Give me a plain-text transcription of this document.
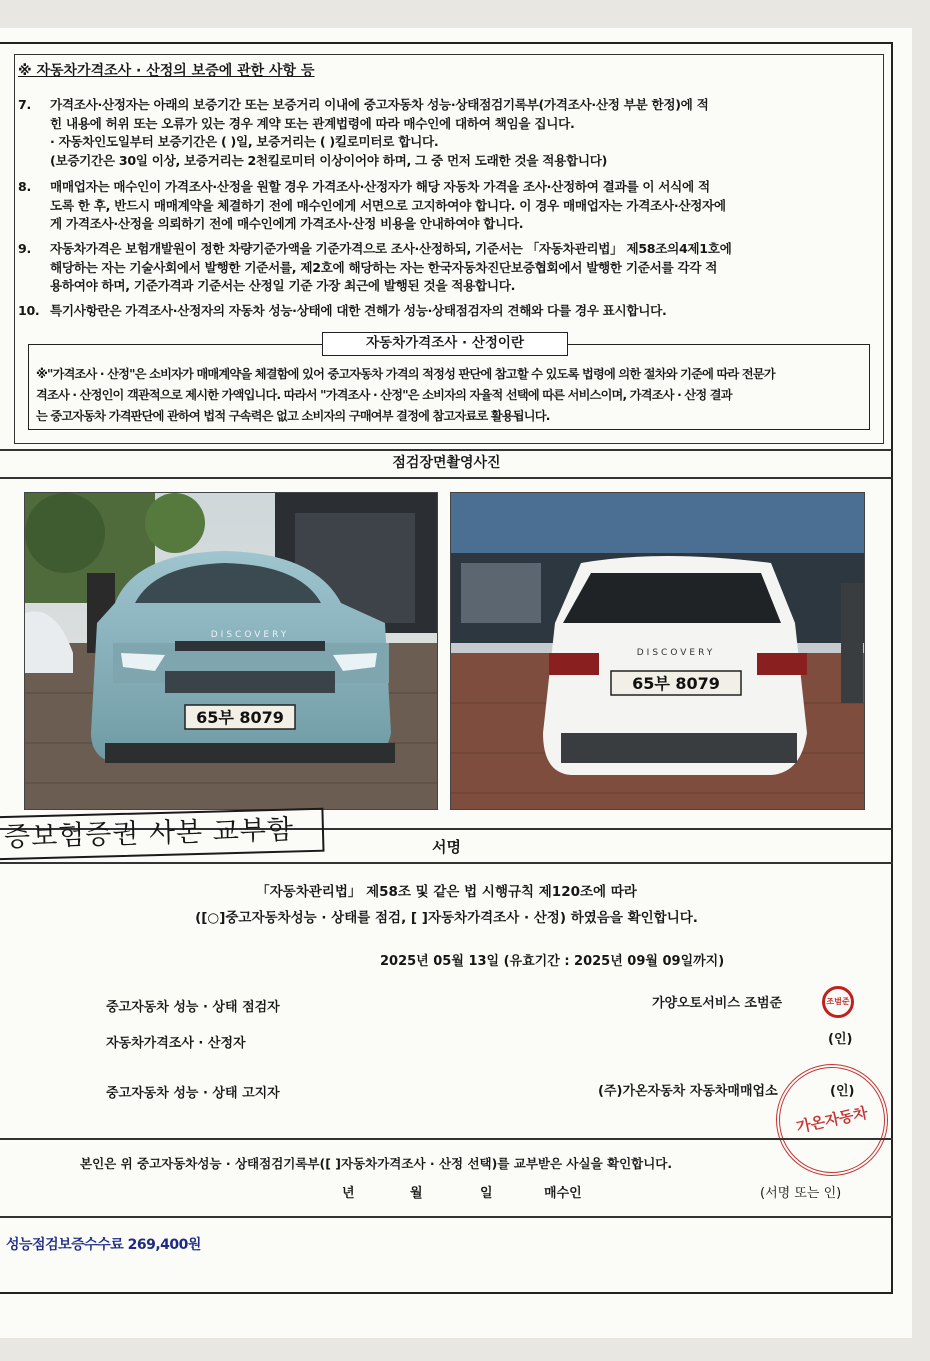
※ 자동차가격조사 · 산정의 보증에 관한 사항 등
7.	가격조사·산정자는 아래의 보증기간 또는 보증거리 이내에 중고자동차 성능·상태점검기록부(가격조사·산정 부분 한정)에 적
힌 내용에 허위 또는 오류가 있는 경우 계약 또는 관계법령에 따라 매수인에 대하여 책임을 집니다.
· 자동차인도일부터 보증기간은 ( )일, 보증거리는 ( )킬로미터로 합니다.
(보증기간은 30일 이상, 보증거리는 2천킬로미터 이상이어야 하며, 그 중 먼저 도래한 것을 적용합니다)
8.	매매업자는 매수인이 가격조사·산정을 원할 경우 가격조사·산정자가 해당 자동차 가격을 조사·산정하여 결과를 이 서식에 적
도록 한 후, 반드시 매매계약을 체결하기 전에 매수인에게 서면으로 고지하여야 합니다. 이 경우 매매업자는 가격조사·산정자에
게 가격조사·산정을 의뢰하기 전에 매수인에게 가격조사·산정 비용을 안내하여야 합니다.
9.	자동차가격은 보험개발원이 정한 차량기준가액을 기준가격으로 조사·산정하되, 기준서는 「자동차관리법」 제58조의4제1호에
해당하는 자는 기술사회에서 발행한 기준서를, 제2호에 해당하는 자는 한국자동차진단보증협회에서 발행한 기준서를 각각 적
용하여야 하며, 기준가격과 기준서는 산정일 기준 가장 최근에 발행된 것을 적용합니다.
10. 특기사항란은 가격조사·산정자의 자동차 성능·상태에 대한 견해가 성능·상태점검자의 견해와 다를 경우 표시합니다.
자동차가격조사 · 산정이란
※"가격조사 · 산정"은 소비자가 매매계약을 체결함에 있어 중고자동차 가격의 적정성 판단에 참고할 수 있도록 법령에 의한 절차와 기준에 따라 전문가
격조사 · 산정인이 객관적으로 제시한 가액입니다. 따라서 "가격조사 · 산정"은 소비자의 자율적 선택에 따른 서비스이며, 가격조사 · 산정 결과
는 중고자동차 가격판단에 관하여 법적 구속력은 없고 소비자의 구매여부 결정에 참고자료로 활용됩니다.
점검장면촬영사진
65부 8079
DISCOVERY
65부 8079
DISCOVERY
증보험증권 사본 교부함	서명
「자동차관리법」 제58조 및 같은 법 시행규칙 제120조에 따라
([○]중고자동차성능 · 상태를 점검, [ ]자동차가격조사 · 산정) 하였음을 확인합니다.
2025년 05월 13일 (유효기간 : 2025년 09월 09일까지)
중고자동차 성능 · 상태 점검자	가양오토서비스 조범준
자동차가격조사 · 산정자	(인)
중고자동차 성능 · 상태 고지자	(주)가온자동차 자동차매매업소	(인)
조범준
가온자동차
본인은 위 중고자동차성능 · 상태점검기록부([ ]자동차가격조사 · 산정 선택)를 교부받은 사실을 확인합니다.
년	월	일	매수인	(서명 또는 인)
성능점검보증수수료 269,400원
